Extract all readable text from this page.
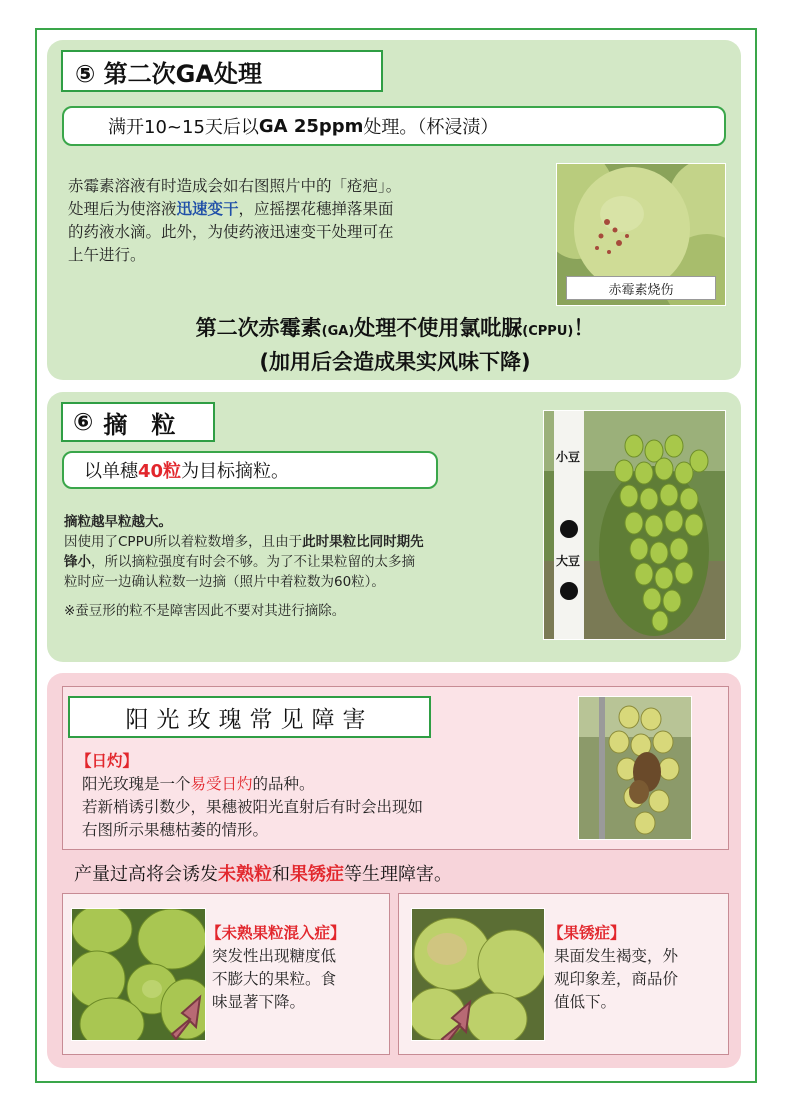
⑤ 第二次GA处理
满开10~15天后以 GA 25ppm 处理。（杯浸渍）
赤霉素溶液有时造成会如右图照片中的「疮疤」。
处理后为使溶液迅速变干，应摇摆花穗掸落果面
的药液水滴。此外，为使药液迅速变干处理可在
上午进行。
赤霉素烧伤
第二次赤霉素(GA)处理不使用氯吡脲(CPPU)！
(加用后会造成果实风味下降)
⑥ 摘　粒
以单穗 40粒 为目标摘粒。
摘粒越早粒越大。
因使用了CPPU所以着粒数增多，且由于此时果粒比同时期先
锋小，所以摘粒强度有时会不够。为了不让果粒留的太多摘
粒时应一边确认粒数一边摘（照片中着粒数为60粒）。
※蚕豆形的粒不是障害因此不要对其进行摘除。
小豆
大豆
阳光玫瑰常见障害
【日灼】
阳光玫瑰是一个易受日灼的品种。
若新梢诱引数少，果穗被阳光直射后有时会出现如
右图所示果穗枯萎的情形。
产量过高将会诱发未熟粒和果锈症等生理障害。
【未熟果粒混入症】
突发性出现糖度低
不膨大的果粒。食
味显著下降。
【果锈症】
果面发生褐变，外
观印象差，商品价
值低下。
